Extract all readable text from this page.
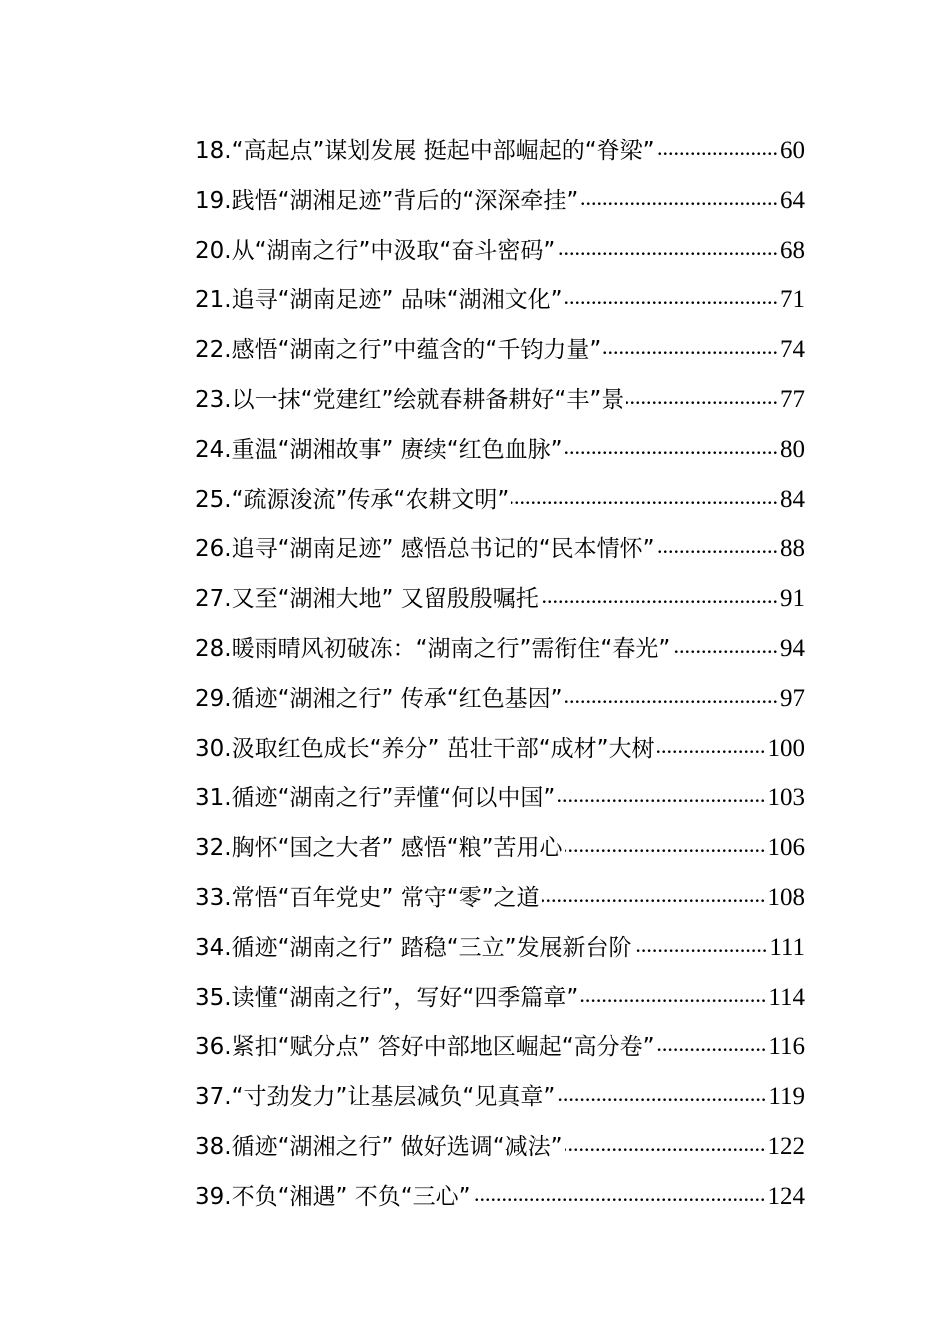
18.“高起点”谋划发展 挺起中部崛起的“脊梁” .....	60
19.践悟“湖湘足迹”背后的“深深牵挂” .....	64
20.从“湖南之行”中汲取“奋斗密码” .....	68
21.追寻“湖南足迹” 品味“湖湘文化” .....	71
22.感悟“湖南之行”中蕴含的“千钧力量” .....	74
23.以一抹“党建红”绘就春耕备耕好“丰”景 .....	77
24.重温“湖湘故事” 赓续“红色血脉” .....	80
25.“疏源浚流”传承“农耕文明” .....	84
26.追寻“湖南足迹” 感悟总书记的“民本情怀” .....	88
27.又至“湖湘大地” 又留殷殷嘱托 .....	91
28.暖雨晴风初破冻：“湖南之行”需衔住“春光” .....	94
29.循迹“湖湘之行” 传承“红色基因” .....	97
30.汲取红色成长“养分” 茁壮干部“成材”大树 .....	100
31.循迹“湖南之行”弄懂“何以中国” .....	103
32.胸怀“国之大者” 感悟“粮”苦用心 .....	106
33.常悟“百年党史” 常守“零”之道 .....	108
34.循迹“湖南之行” 踏稳“三立”发展新台阶 .....	111
35.读懂“湖南之行”，写好“四季篇章” .....	114
36.紧扣“赋分点” 答好中部地区崛起“高分卷” .....	116
37.“寸劲发力”让基层减负“见真章” .....	119
38.循迹“湖湘之行” 做好选调“减法” .....	122
39.不负“湘遇” 不负“三心” .....	124
